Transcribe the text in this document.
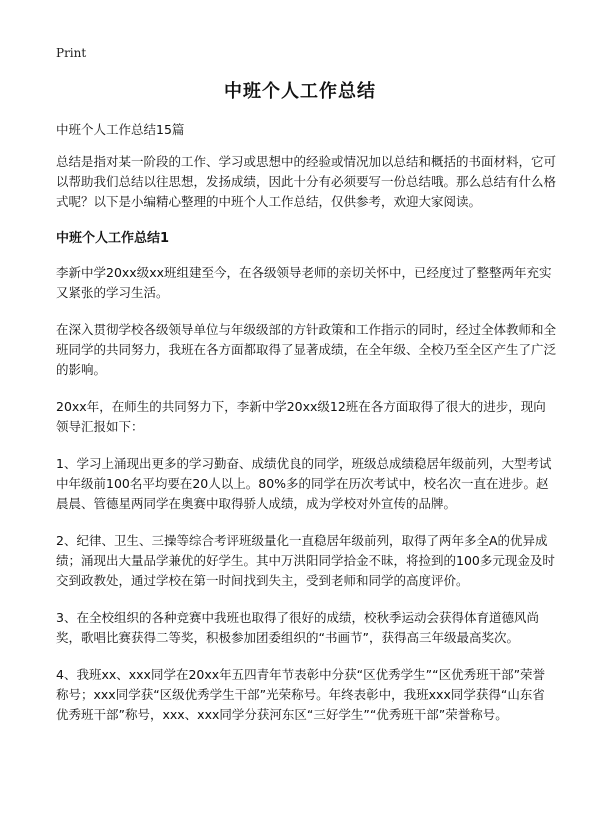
Print
中班个人工作总结

中班个人工作总结15篇

总结是指对某一阶段的工作、学习或思想中的经验或情况加以总结和概括的书面材料，它可以帮助我们总结以往思想，发扬成绩，因此十分有必须要写一份总结哦。那么总结有什么格式呢？以下是小编精心整理的中班个人工作总结，仅供参考，欢迎大家阅读。

中班个人工作总结1

李新中学20xx级xx班组建至今，在各级领导老师的亲切关怀中，已经度过了整整两年充实又紧张的学习生活。

在深入贯彻学校各级领导单位与年级级部的方针政策和工作指示的同时，经过全体教师和全班同学的共同努力，我班在各方面都取得了显著成绩，在全年级、全校乃至全区产生了广泛的影响。

20xx年，在师生的共同努力下，李新中学20xx级12班在各方面取得了很大的进步，现向领导汇报如下：

1、学习上涌现出更多的学习勤奋、成绩优良的同学，班级总成绩稳居年级前列，大型考试中年级前100名平均要在20人以上。80%多的同学在历次考试中，校名次一直在进步。赵晨晨、管德星两同学在奥赛中取得骄人成绩，成为学校对外宣传的品牌。

2、纪律、卫生、三操等综合考评班级量化一直稳居年级前列，取得了两年多全A的优异成绩；涌现出大量品学兼优的好学生。其中万洪阳同学拾金不昧，将捡到的100多元现金及时交到政教处，通过学校在第一时间找到失主，受到老师和同学的高度评价。

3、在全校组织的各种竞赛中我班也取得了很好的成绩，校秋季运动会获得体育道德风尚奖，歌唱比赛获得二等奖，积极参加团委组织的“书画节”，获得高三年级最高奖次。

4、我班xx、xxx同学在20xx年五四青年节表彰中分获“区优秀学生”“区优秀班干部”荣誉称号；xxx同学获“区级优秀学生干部”光荣称号。年终表彰中，我班xxx同学获得“山东省优秀班干部”称号，xxx、xxx同学分获河东区“三好学生”“优秀班干部”荣誉称号。
